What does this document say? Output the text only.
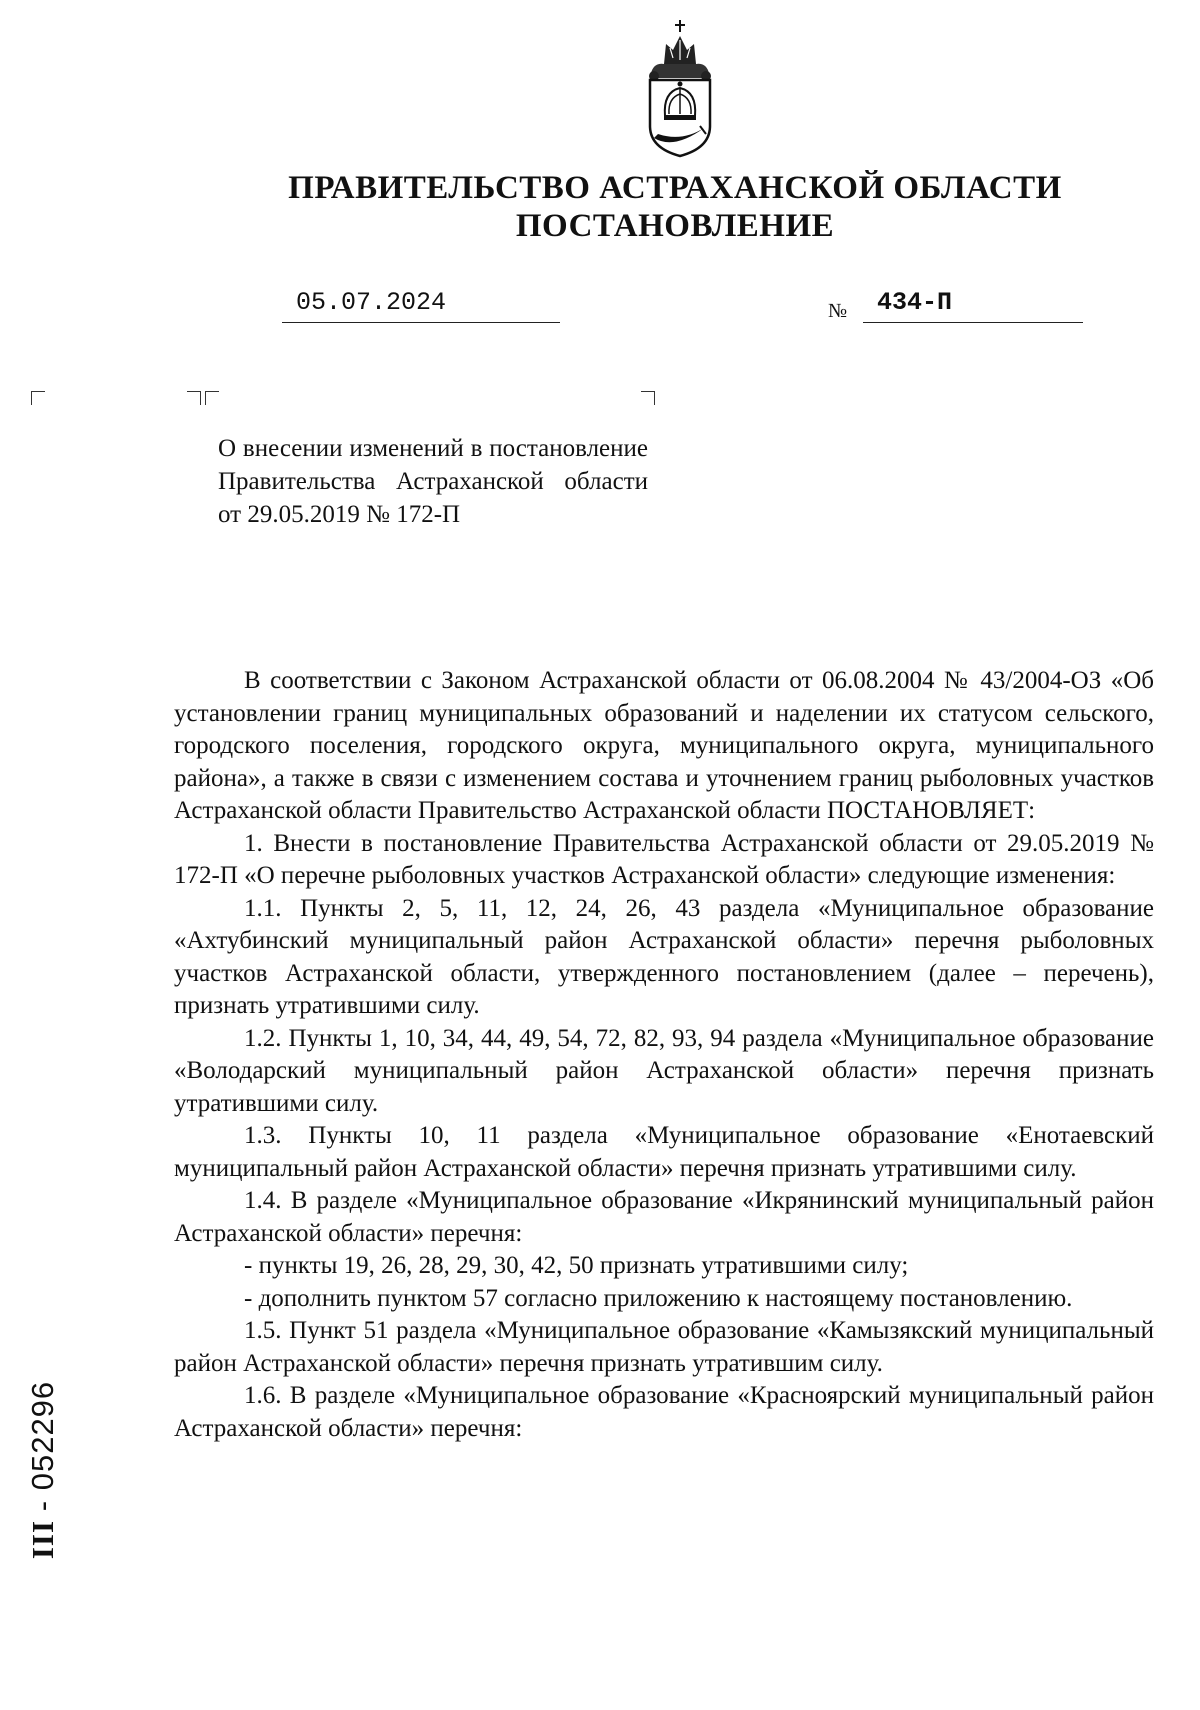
ПРАВИТЕЛЬСТВО АСТРАХАНСКОЙ ОБЛАСТИ
ПОСТАНОВЛЕНИЕ
05.07.2024	№ 434-П

О внесении изменений в постановление Правительства Астраханской области от 29.05.2019 № 172-П

В соответствии с Законом Астраханской области от 06.08.2004 № 43/2004-ОЗ «Об установлении границ муниципальных образований и наделении их статусом сельского, городского поселения, городского округа, муниципального округа, муниципального района», а также в связи с изменением состава и уточнением границ рыболовных участков Астраханской области Правительство Астраханской области ПОСТАНОВЛЯЕТ:

1. Внести в постановление Правительства Астраханской области от 29.05.2019 № 172-П «О перечне рыболовных участков Астраханской области» следующие изменения:

1.1. Пункты 2, 5, 11, 12, 24, 26, 43 раздела «Муниципальное образование «Ахтубинский муниципальный район Астраханской области» перечня рыболовных участков Астраханской области, утвержденного постановлением (далее – перечень), признать утратившими силу.

1.2. Пункты 1, 10, 34, 44, 49, 54, 72, 82, 93, 94 раздела «Муниципальное образование «Володарский муниципальный район Астраханской области» перечня признать утратившими силу.

1.3. Пункты 10, 11 раздела «Муниципальное образование «Енотаевский муниципальный район Астраханской области» перечня признать утратившими силу.

1.4. В разделе «Муниципальное образование «Икрянинский муниципальный район Астраханской области» перечня:

- пункты 19, 26, 28, 29, 30, 42, 50 признать утратившими силу;

- дополнить пунктом 57 согласно приложению к настоящему постановлению.

1.5. Пункт 51 раздела «Муниципальное образование «Камызякский муниципальный район Астраханской области» перечня признать утратившим силу.

1.6. В разделе «Муниципальное образование «Красноярский муниципальный район Астраханской области» перечня:

ІІІ - 052296
